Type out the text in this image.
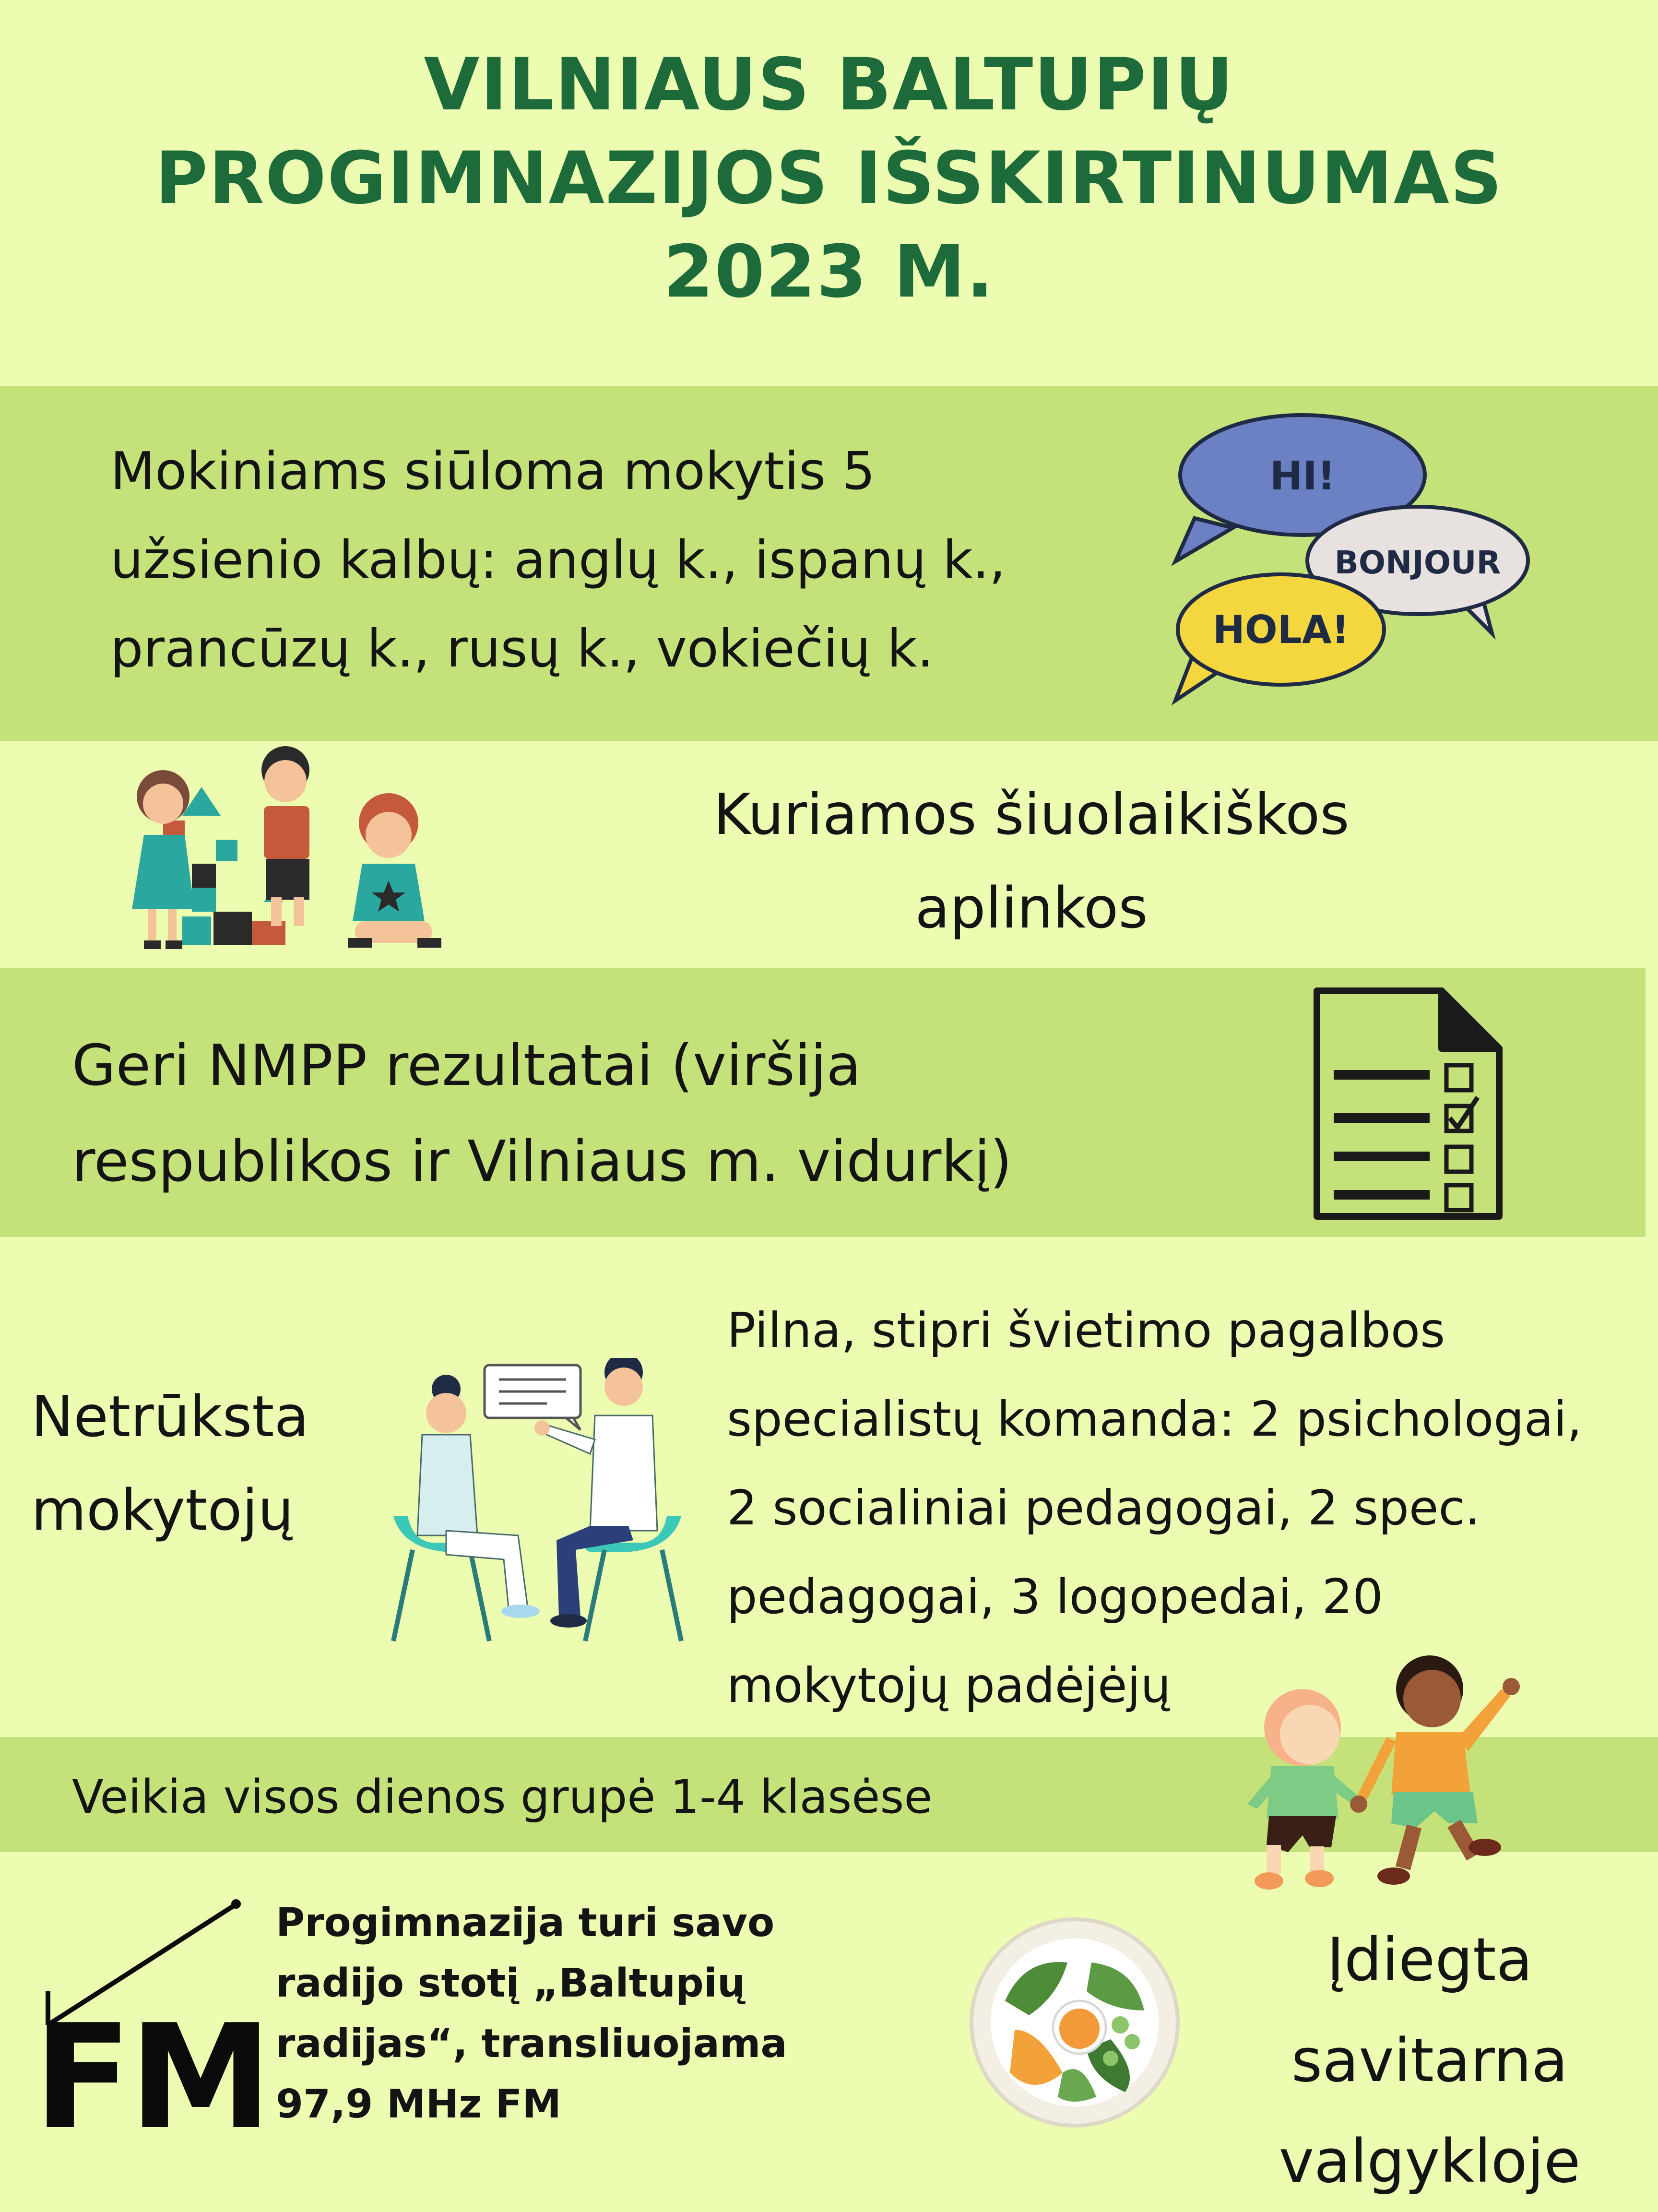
VILNIAUS BALTUPIŲ
PROGIMNAZIJOS IŠSKIRTINUMAS
2023 M.
Mokiniams siūloma mokytis 5
užsienio kalbų: anglų k., ispanų k.,
prancūzų k., rusų k., vokiečių k.
HI!
BONJOUR
HOLA!
Kuriamos šiuolaikiškos
aplinkos
Geri NMPP rezultatai (viršija
respublikos ir Vilniaus m. vidurkį)
Netrūksta
mokytojų
Pilna, stipri švietimo pagalbos
specialistų komanda: 2 psichologai,
2 socialiniai pedagogai, 2 spec.
pedagogai, 3 logopedai, 20
mokytojų padėjėjų
Veikia visos dienos grupė 1-4 klasėse
FM
Progimnazija turi savo
radijo stotį „Baltupių
radijas“, transliuojama
97,9 MHz FM
Įdiegta
savitarna
valgykloje
